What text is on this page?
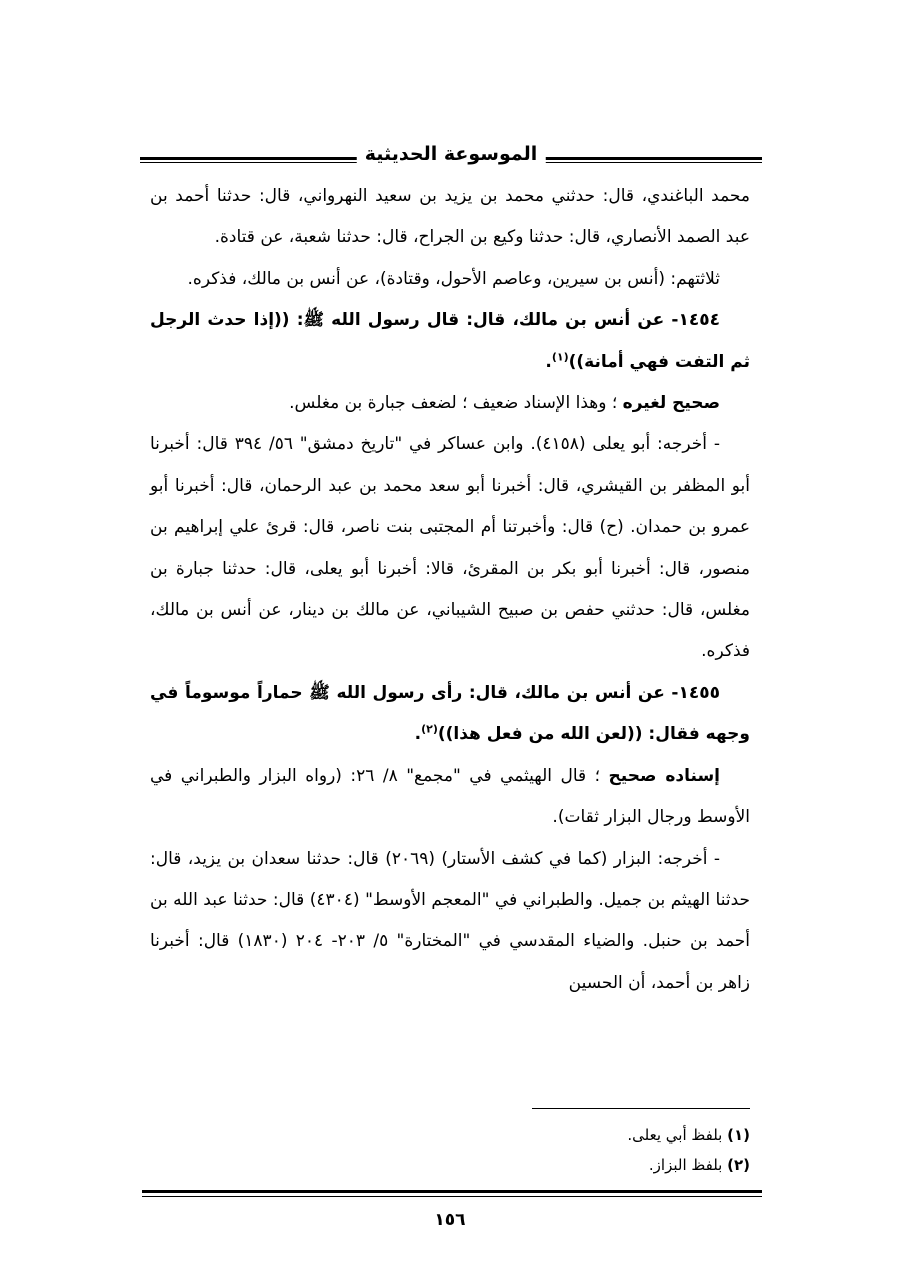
الموسوعة الحديثية

محمد الباغندي، قال: حدثني محمد بن يزيد بن سعيد النهرواني، قال: حدثنا أحمد بن عبد الصمد الأنصاري، قال: حدثنا وكيع بن الجراح، قال: حدثنا شعبة، عن قتادة.

ثلاثتهم: (أنس بن سيرين، وعاصم الأحول، وقتادة)، عن أنس بن مالك، فذكره.

١٤٥٤- عن أنس بن مالك، قال: قال رسول الله ﷺ: ((إذا حدث الرجل ثم التفت فهي أمانة))$^{(١)}$.

صحيح لغيره ؛ وهذا الإسناد ضعيف ؛ لضعف جبارة بن مغلس.

- أخرجه: أبو يعلى (٤١٥٨). وابن عساكر في "تاريخ دمشق" ٥٦/ ٣٩٤ قال: أخبرنا أبو المظفر بن القيشري، قال: أخبرنا أبو سعد محمد بن عبد الرحمان، قال: أخبرنا أبو عمرو بن حمدان. (ح) قال: وأخبرتنا أم المجتبى بنت ناصر، قال: قرئ علي إبراهيم بن منصور، قال: أخبرنا أبو بكر بن المقرئ، قالا: أخبرنا أبو يعلى، قال: حدثنا جبارة بن مغلس، قال: حدثني حفص بن صبيح الشيباني، عن مالك بن دينار، عن أنس بن مالك، فذكره.

١٤٥٥- عن أنس بن مالك، قال: رأى رسول الله ﷺ حماراً موسوماً في وجهه فقال: ((لعن الله من فعل هذا))$^{(٢)}$.

إسناده صحيح ؛ قال الهيثمي في "مجمع" ٨/ ٢٦: (رواه البزار والطبراني في الأوسط ورجال البزار ثقات).

- أخرجه: البزار (كما في كشف الأستار) (٢٠٦٩) قال: حدثنا سعدان بن يزيد، قال: حدثنا الهيثم بن جميل. والطبراني في "المعجم الأوسط" (٤٣٠٤) قال: حدثنا عبد الله بن أحمد بن حنبل. والضياء المقدسي في "المختارة" ٥/ ٢٠٣- ٢٠٤ (١٨٣٠) قال: أخبرنا زاهر بن أحمد، أن الحسين

(١) بلفظ أبي يعلى.

(٢) بلفظ البزاز.

١٥٦
